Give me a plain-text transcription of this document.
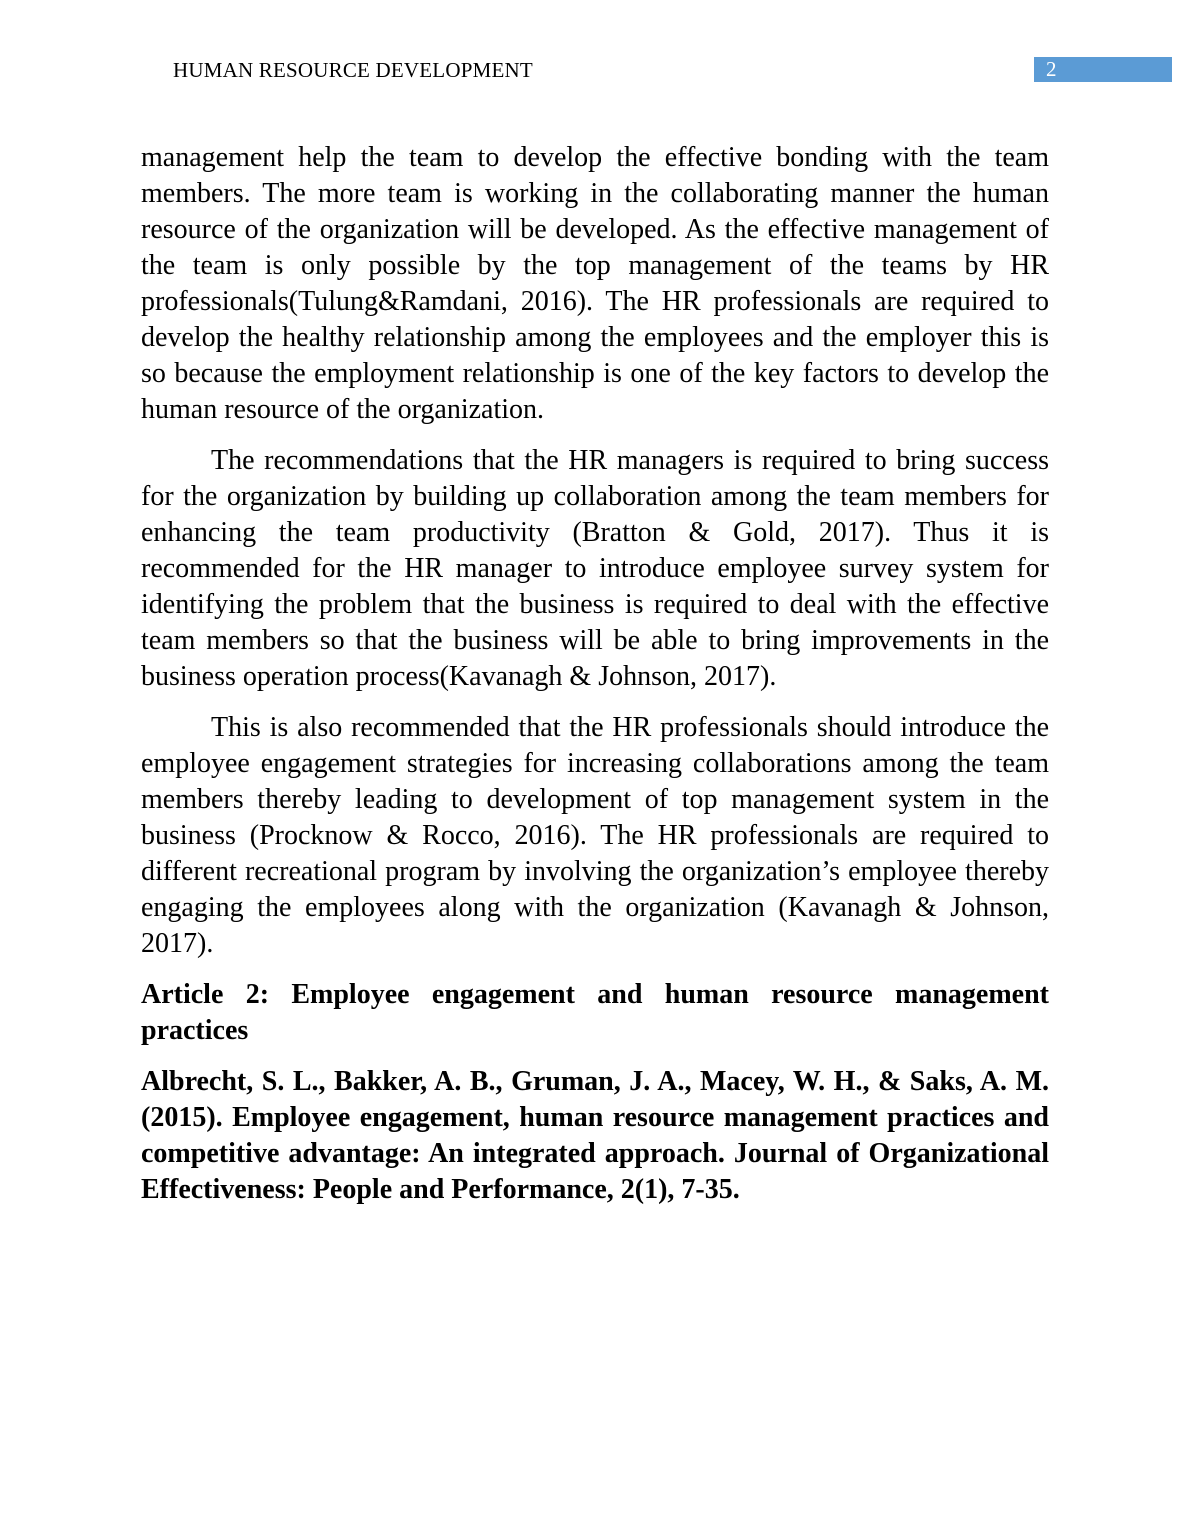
HUMAN RESOURCE DEVELOPMENT	2

management help the team to develop the effective bonding with the team members. The more team is working in the collaborating manner the human resource of the organization will be developed. As the effective management of the team is only possible by the top management of the teams by HR professionals(Tulung&Ramdani, 2016). The HR professionals are required to develop the healthy relationship among the employees and the employer this is so because the employment relationship is one of the key factors to develop the human resource of the organization.

The recommendations that the HR managers is required to bring success for the organization by building up collaboration among the team members for enhancing the team productivity (Bratton & Gold, 2017). Thus it is recommended for the HR manager to introduce employee survey system for identifying the problem that the business is required to deal with the effective team members so that the business will be able to bring improvements in the business operation process(Kavanagh & Johnson, 2017).

This is also recommended that the HR professionals should introduce the employee engagement strategies for increasing collaborations among the team members thereby leading to development of top management system in the business (Procknow & Rocco, 2016). The HR professionals are required to different recreational program by involving the organization’s employee thereby engaging the employees along with the organization (Kavanagh & Johnson, 2017).

Article 2: Employee engagement and human resource management practices

Albrecht, S. L., Bakker, A. B., Gruman, J. A., Macey, W. H., & Saks, A. M. (2015). Employee engagement, human resource management practices and competitive advantage: An integrated approach. Journal of Organizational Effectiveness: People and Performance, 2(1), 7-35.
